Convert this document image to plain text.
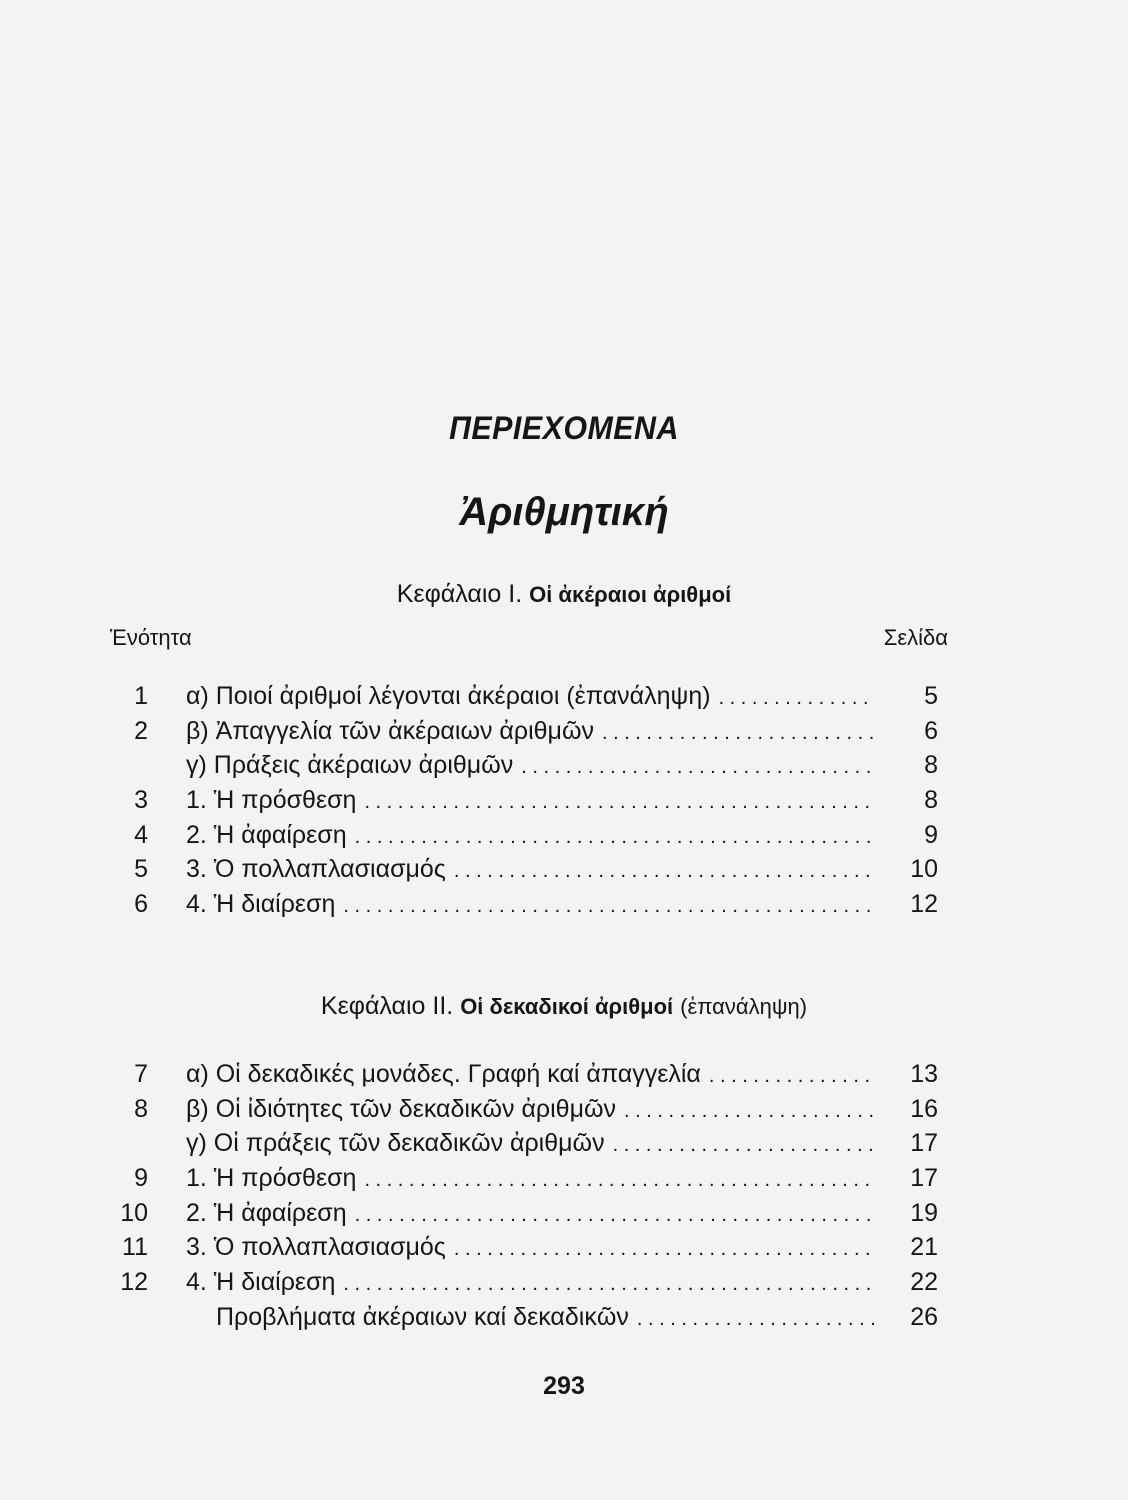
ΠΕΡΙΕΧΟΜΕΝΑ
Ἀριθμητική
Κεφάλαιο Ι. Οἱ ἀκέραιοι ἀριθμοί
Ἑνότητα	Σελίδα
1 α) Ποιοί ἀριθμοί λέγονται ἀκέραιοι (ἐπανάληψη) . . .	5
2 β) Ἀπαγγελία τῶν ἀκέραιων ἀριθμῶν . . .	6
γ) Πράξεις ἀκέραιων ἀριθμῶν . . .	8
3 1. Ἡ πρόσθεση . . .	8
4 2. Ἡ ἀφαίρεση . . .	9
5 3. Ὁ πολλαπλασιασμός . . .	10
6 4. Ἡ διαίρεση . . .	12
Κεφάλαιο ΙΙ. Οἱ δεκαδικοί ἀριθμοί (ἐπανάληψη)
7 α) Οἱ δεκαδικές μονάδες. Γραφή καί ἀπαγγελία . . .	13
8 β) Οἱ ἰδιότητες τῶν δεκαδικῶν ἀριθμῶν . . .	16
γ) Οἱ πράξεις τῶν δεκαδικῶν ἀριθμῶν . . .	17
9 1. Ἡ πρόσθεση . . .	17
10 2. Ἡ ἀφαίρεση . . .	19
11 3. Ὁ πολλαπλασιασμός . . .	21
12 4. Ἡ διαίρεση . . .	22
Προβλήματα ἀκέραιων καί δεκαδικῶν . . .	26
293
